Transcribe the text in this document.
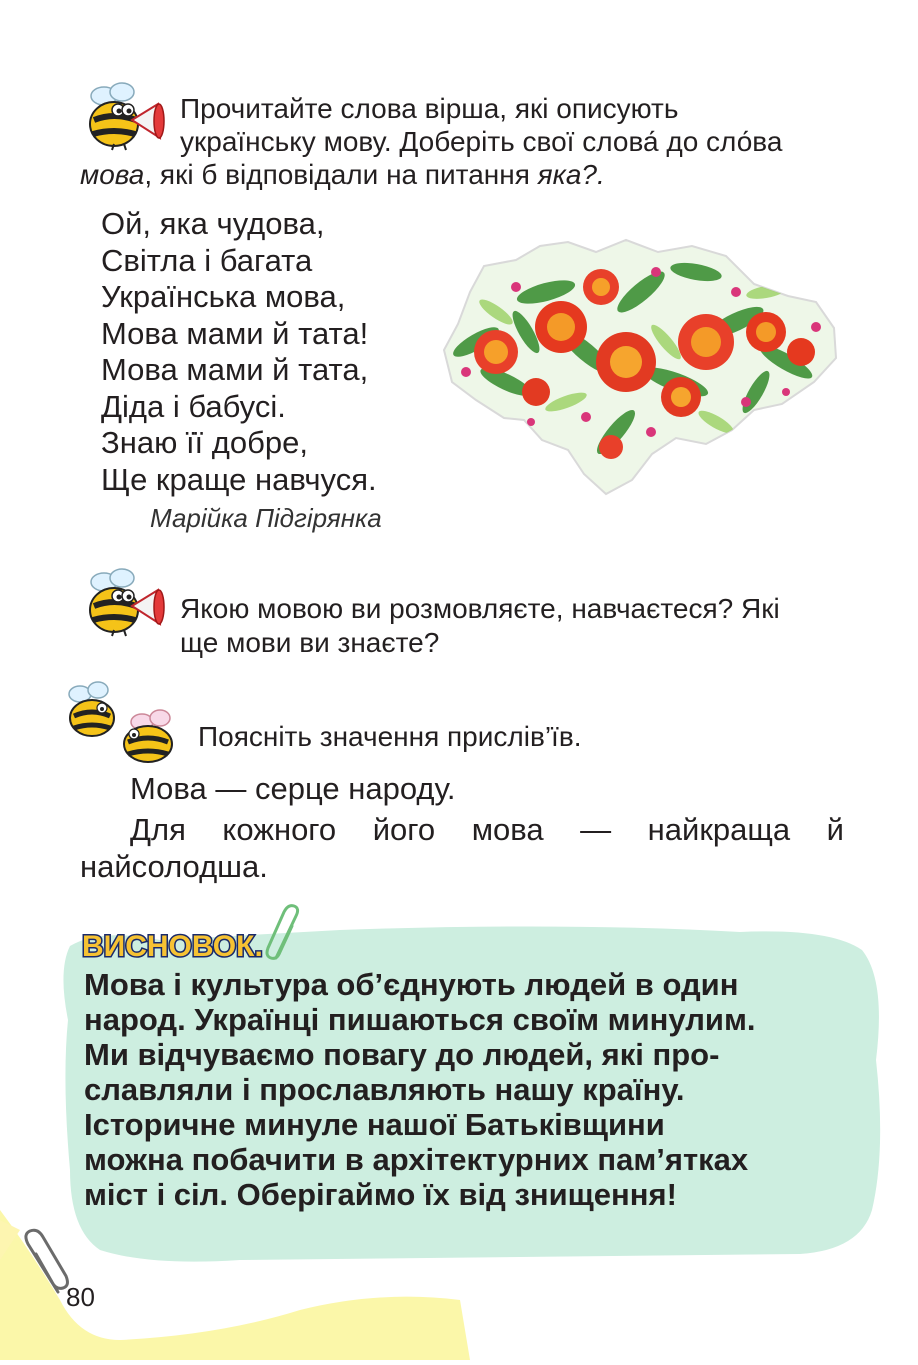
Прочитайте слова вірша, які описують
українську мову. Доберіть свої слова́ до сло́ва
мова, які б відповідали на питання яка?.

Ой, яка чудова,

Світла і багата

Українська мова,

Мова мами й тата!

Мова мами й тата,

Діда і бабусі.

Знаю її добре,

Ще краще навчуся.

Марійка Підгірянка
Якою мовою ви розмовляєте, навчаєтеся? Які
ще мови ви знаєте?
Поясніть значення прислів’їв.
Мова — серце народу.
Для кожного його мова — найкраща й
найсолодша.
ВИСНОВОК.
Мова і культура об’єднують людей в один
народ. Українці пишаються своїм минулим.
Ми відчуваємо повагу до людей, які про-
славляли і прославляють нашу країну.
Історичне минуле нашої Батьківщини
можна побачити в архітектурних пам’ятках
міст і сіл. Оберігаймо їх від знищення!
80
